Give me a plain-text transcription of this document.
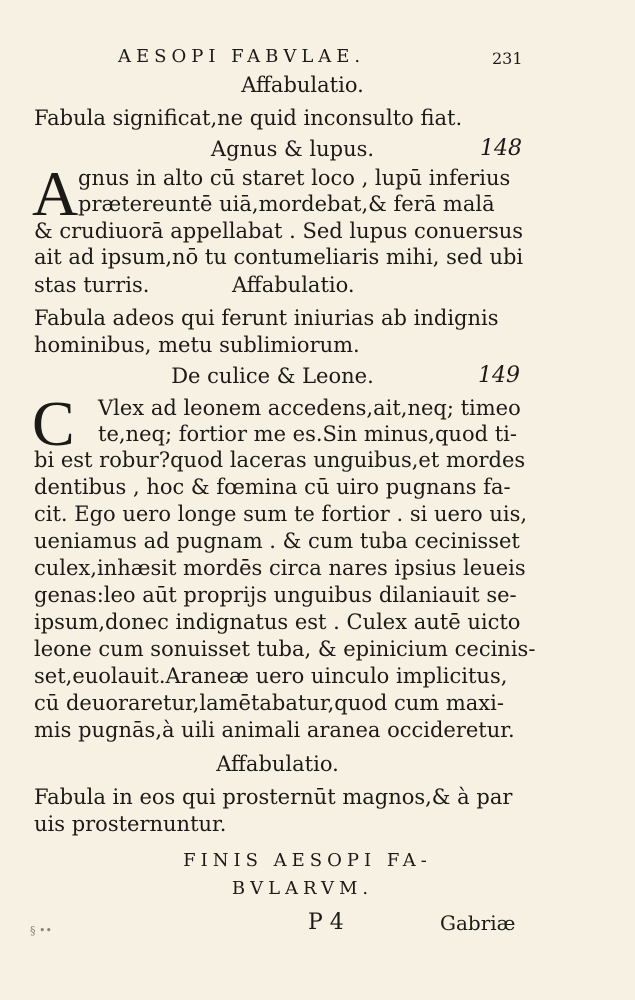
AESOPI FABVLAE.	231
Affabulatio.
Fabula significat,ne quid inconsulto fiat.
Agnus & lupus.	148
A gnus in alto cū staret loco , lupū inferius
prætereuntē uiā,mordebat,& ferā malā
& crudiuorā appellabat . Sed lupus conuersus
ait ad ipsum,nō tu contumeliaris mihi, sed ubi
stas turris.	Affabulatio.
Fabula adeos qui ferunt iniurias ab indignis
hominibus, metu sublimiorum.
De culice & Leone.	149
C Vlex ad leonem accedens,ait,neq; timeo
te,neq; fortior me es.Sin minus,quod ti-
bi est robur?quod laceras unguibus,et mordes
dentibus , hoc & fœmina cū uiro pugnans fa-
cit. Ego uero longe sum te fortior . si uero uis,
ueniamus ad pugnam . & cum tuba cecinisset
culex,inhæsit mordēs circa nares ipsius leueis
genas:leo aūt proprijs unguibus dilaniauit se-
ipsum,donec indignatus est . Culex autē uicto
leone cum sonuisset tuba, & epinicium cecinis-
set,euolauit.Araneæ uero uinculo implicitus,
cū deuoraretur,lamētabatur,quod cum maxi-
mis pugnās,à uili animali aranea occideretur.
Affabulatio.
Fabula in eos qui prosternūt magnos,& à par
uis prosternuntur.
FINIS AESOPI FA-
BVLARVM.
§ ••	P 4	Gabriæ
